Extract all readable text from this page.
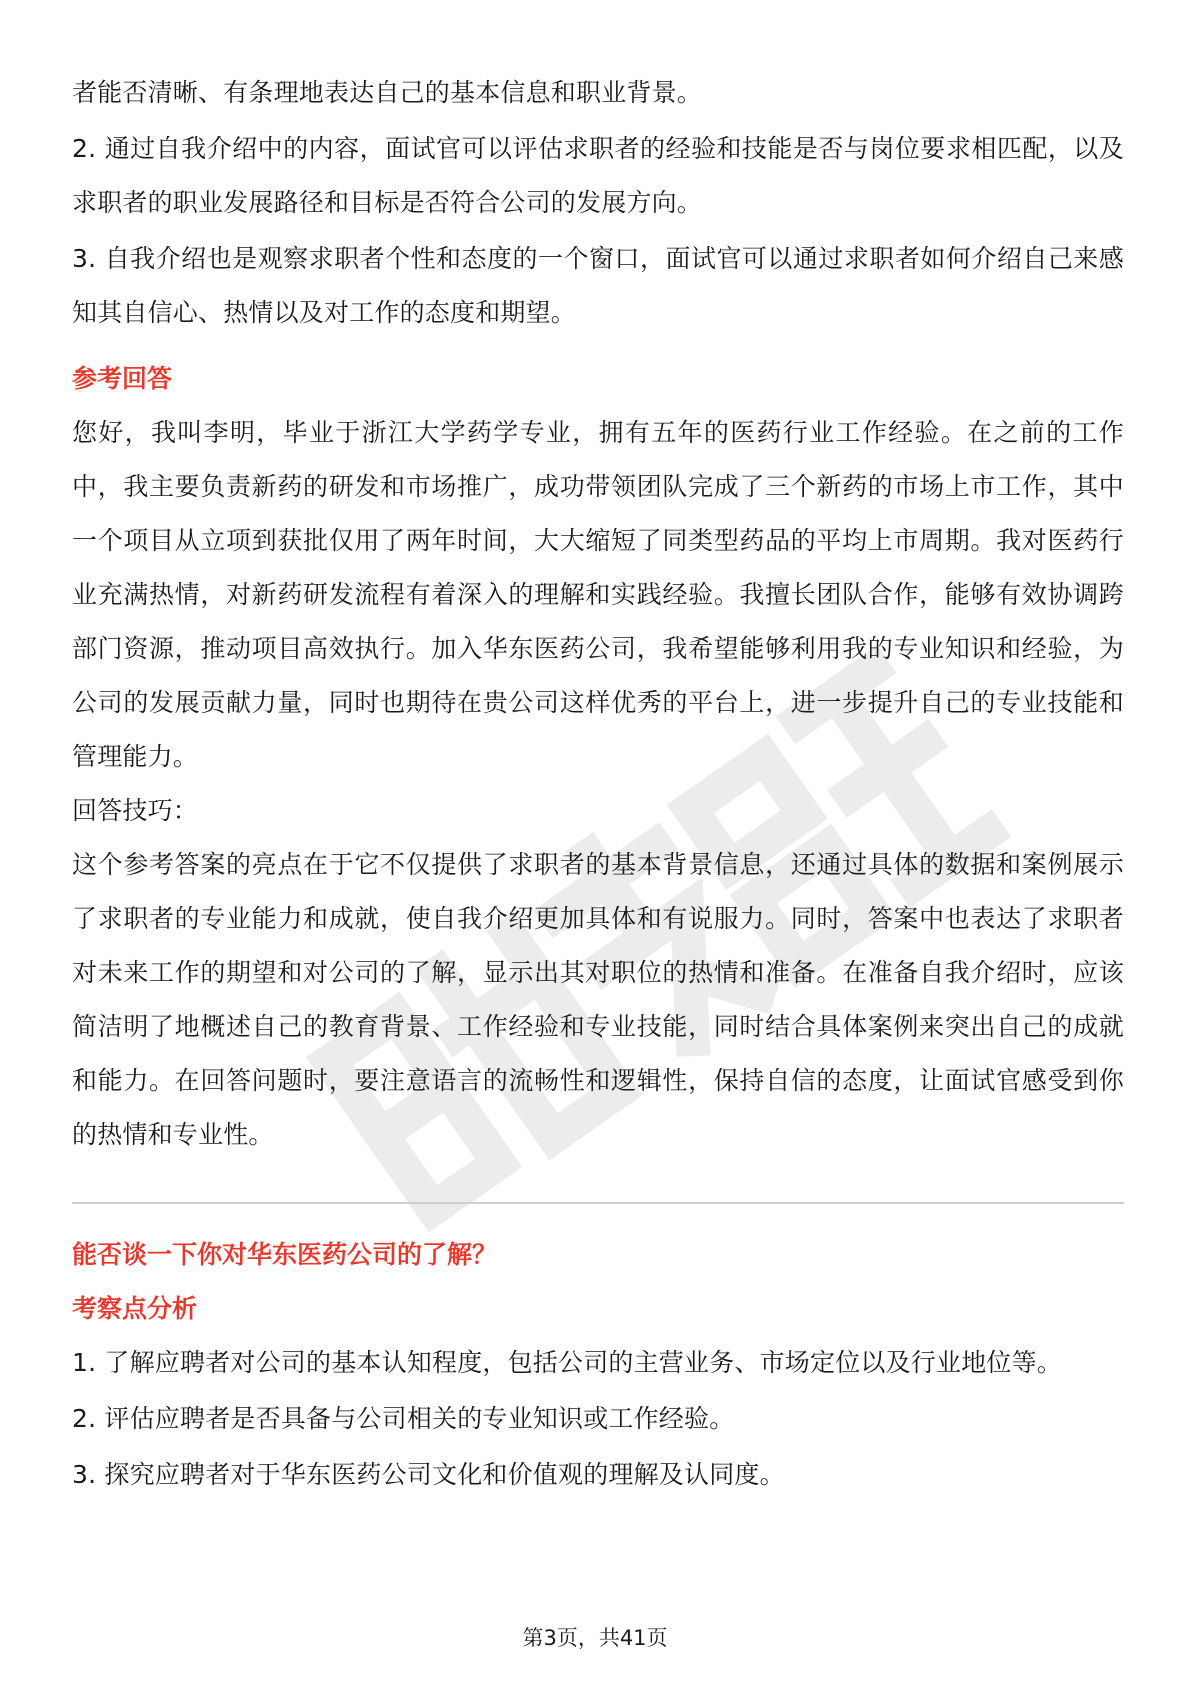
者能否清晰、有条理地表达自己的基本信息和职业背景。

2. 通过自我介绍中的内容，面试官可以评估求职者的经验和技能是否与岗位要求相匹配，以及求职者的职业发展路径和目标是否符合公司的发展方向。

3. 自我介绍也是观察求职者个性和态度的一个窗口，面试官可以通过求职者如何介绍自己来感知其自信心、热情以及对工作的态度和期望。

参考回答

您好，我叫李明，毕业于浙江大学药学专业，拥有五年的医药行业工作经验。在之前的工作中，我主要负责新药的研发和市场推广，成功带领团队完成了三个新药的市场上市工作，其中一个项目从立项到获批仅用了两年时间，大大缩短了同类型药品的平均上市周期。我对医药行业充满热情，对新药研发流程有着深入的理解和实践经验。我擅长团队合作，能够有效协调跨部门资源，推动项目高效执行。加入华东医药公司，我希望能够利用我的专业知识和经验，为公司的发展贡献力量，同时也期待在贵公司这样优秀的平台上，进一步提升自己的专业技能和管理能力。

回答技巧：

这个参考答案的亮点在于它不仅提供了求职者的基本背景信息，还通过具体的数据和案例展示了求职者的专业能力和成就，使自我介绍更加具体和有说服力。同时，答案中也表达了求职者对未来工作的期望和对公司的了解，显示出其对职位的热情和准备。在准备自我介绍时，应该简洁明了地概述自己的教育背景、工作经验和专业技能，同时结合具体案例来突出自己的成就和能力。在回答问题时，要注意语言的流畅性和逻辑性，保持自信的态度，让面试官感受到你的热情和专业性。

能否谈一下你对华东医药公司的了解？

考察点分析

1. 了解应聘者对公司的基本认知程度，包括公司的主营业务、市场定位以及行业地位等。

2. 评估应聘者是否具备与公司相关的专业知识或工作经验。

3. 探究应聘者对于华东医药公司文化和价值观的理解及认同度。

第3页，共41页
